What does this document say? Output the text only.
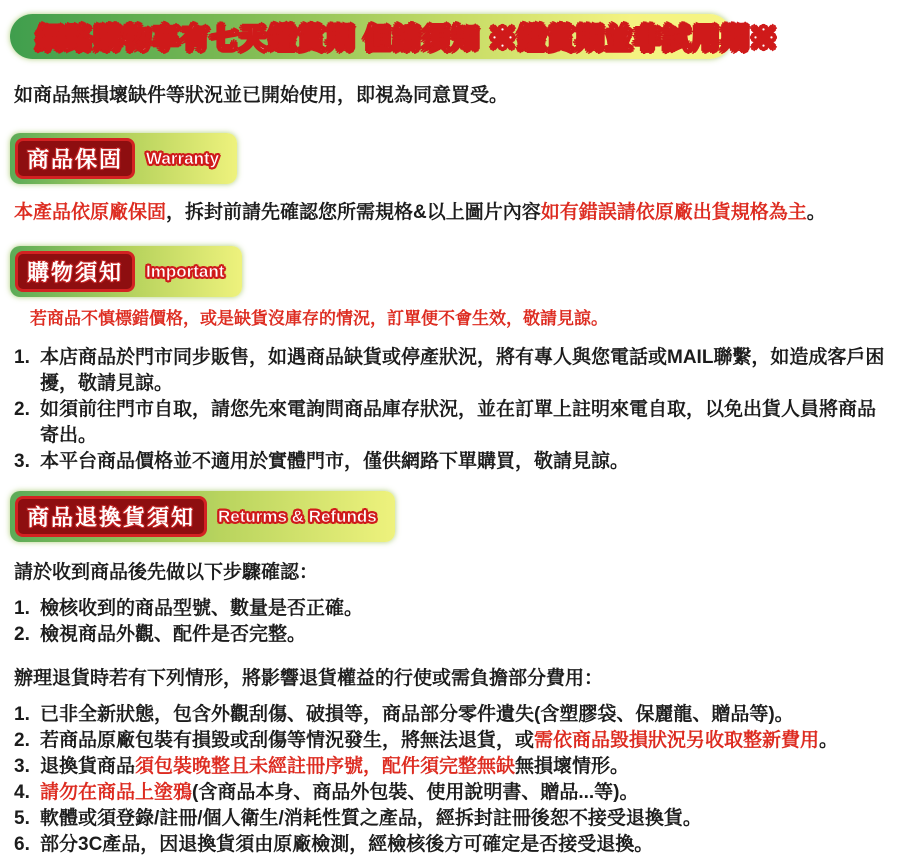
網路購物享有七天鑑賞期 但請須知 ※鑑賞期並非試用期※

如商品無損壞缺件等狀況並已開始使用，即視為同意買受。

商品保固	Warranty

本產品依原廠保固，拆封前請先確認您所需規格&以上圖片內容如有錯誤請依原廠出貨規格為主。

購物須知	Important

若商品不慎標錯價格，或是缺貨沒庫存的情況，訂單便不會生效，敬請見諒。

本店商品於門市同步販售，如遇商品缺貨或停產狀況，將有專人與您電話或MAIL聯繫，如造成客戶困擾，敬請見諒。
如須前往門市自取，請您先來電詢問商品庫存狀況，並在訂單上註明來電自取，以免出貨人員將商品寄出。
本平台商品價格並不適用於實體門市，僅供網路下單購買，敬請見諒。
商品退換貨須知	Returms & Refunds

請於收到商品後先做以下步驟確認：

檢核收到的商品型號、數量是否正確。
檢視商品外觀、配件是否完整。

辦理退貨時若有下列情形，將影響退貨權益的行使或需負擔部分費用：

已非全新狀態，包含外觀刮傷、破損等，商品部分零件遺失(含塑膠袋、保麗龍、贈品等)。
若商品原廠包裝有損毀或刮傷等情況發生，將無法退貨，或需依商品毀損狀況另收取整新費用。
退換貨商品須包裝晚整且未經註冊序號，配件須完整無缺無損壞情形。
請勿在商品上塗鴉(含商品本身、商品外包裝、使用說明書、贈品...等)。
軟體或須登錄/註冊/個人衛生/消耗性質之產品，經拆封註冊後恕不接受退換貨。
部分3C產品，因退換貨須由原廠檢測，經檢核後方可確定是否接受退換。
